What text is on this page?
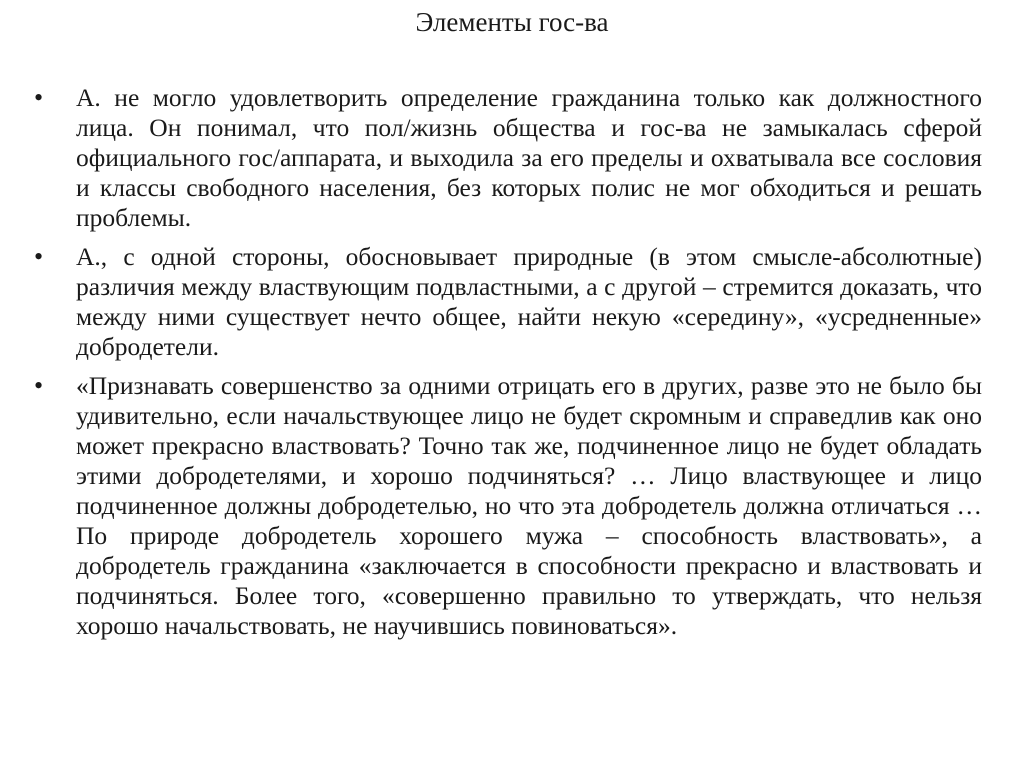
Элементы гос-ва
• А. не могло удовлетворить определение гражданина только как должностного лица. Он понимал, что пол/жизнь общества и гос-ва не замыкалась сферой официального гос/аппарата, и выходила за его пределы и охватывала все сословия и классы свободного населения, без которых полис не мог обходиться и решать проблемы.
• А., с одной стороны, обосновывает природные (в этом смысле-абсолютные) различия между властвующим подвластными, а с другой – стремится доказать, что между ними существует нечто общее, найти некую «середину», «усредненные» добродетели.
• «Признавать совершенство за одними отрицать его в других, разве это не было бы удивительно, если начальствующее лицо не будет скромным и справедлив как оно может прекрасно властвовать? Точно так же, подчиненное лицо не будет обладать этими добродетелями, и хорошо подчиняться? … Лицо властвующее и лицо подчиненное должны добродетелью, но что эта добродетель должна отличаться … По природе добродетель хорошего мужа – способность властвовать», а добродетель гражданина «заключается в способности прекрасно и властвовать и подчиняться. Более того, «совершенно правильно то утверждать, что нельзя хорошо начальствовать, не научившись повиноваться».
